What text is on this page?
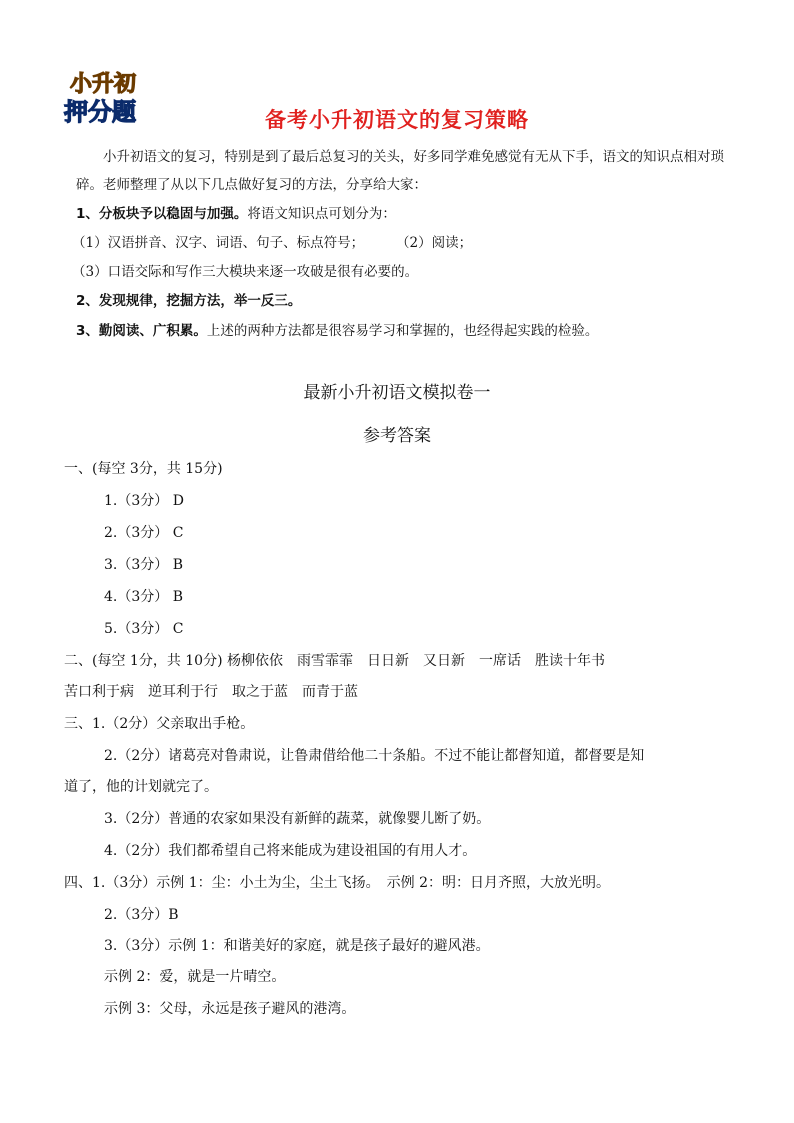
小升初
押分题	备考小升初语文的复习策略
小升初语文的复习，特别是到了最后总复习的关头，好多同学难免感觉有无从下手，语文的知识点相对琐碎。老师整理了从以下几点做好复习的方法，分享给大家：
1、分板块予以稳固与加强。将语文知识点可划分为：
（1）汉语拼音、汉字、词语、句子、标点符号； （2）阅读；
（3）口语交际和写作三大模块来逐一攻破是很有必要的。
2、发现规律，挖掘方法，举一反三。
3、勤阅读、广积累。上述的两种方法都是很容易学习和掌握的，也经得起实践的检验。
最新小升初语文模拟卷一
参考答案
一、(每空 3分，共 15分)
1.（3分） D
2.（3分） C
3.（3分） B
4.（3分） B
5.（3分） C
二、(每空 1分，共 10分) 杨柳依依　雨雪霏霏　日日新　又日新　一席话　胜读十年书
苦口利于病　逆耳利于行　取之于蓝　而青于蓝
三、1.（2分）父亲取出手枪。
2.（2分）诸葛亮对鲁肃说，让鲁肃借给他二十条船。不过不能让都督知道，都督要是知
道了，他的计划就完了。
3.（2分）普通的农家如果没有新鲜的蔬菜，就像婴儿断了奶。
4.（2分）我们都希望自己将来能成为建设祖国的有用人才。
四、1.（3分）示例 1：尘：小土为尘，尘土飞扬。　示例 2：明：日月齐照，大放光明。
2.（3分）B
3.（3分）示例 1：和谐美好的家庭，就是孩子最好的避风港。
示例 2：爱，就是一片晴空。
示例 3：父母，永远是孩子避风的港湾。
